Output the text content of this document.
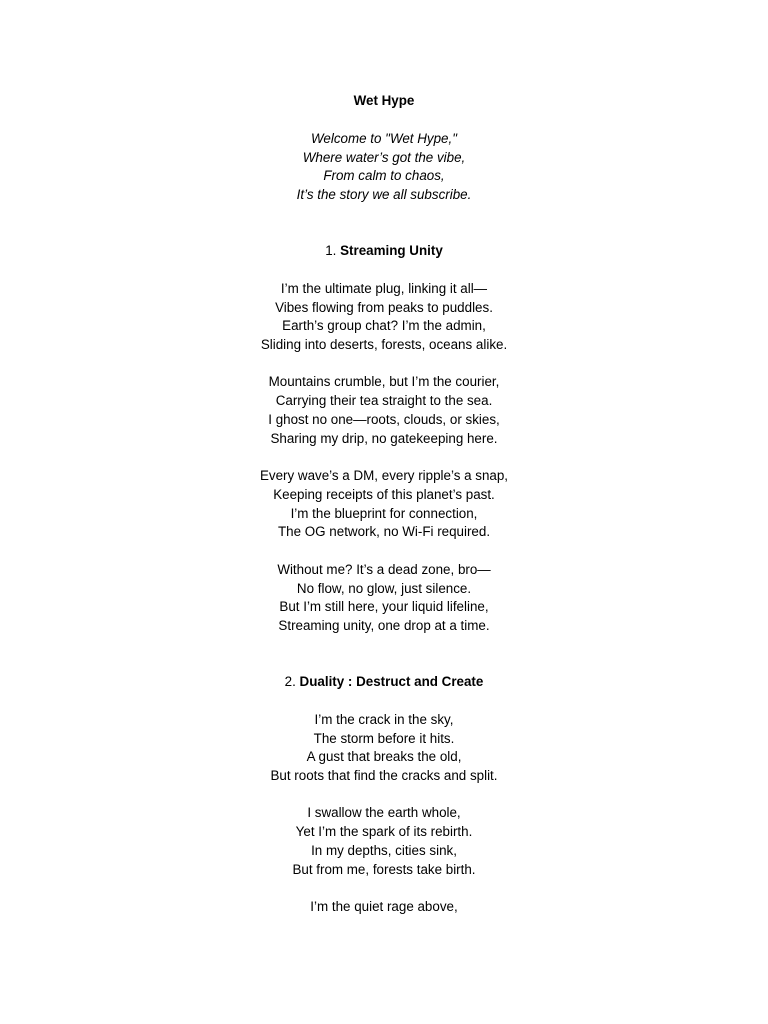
Wet Hype
Welcome to "Wet Hype,"
Where water’s got the vibe,
From calm to chaos,
It’s the story we all subscribe.
1. Streaming Unity
I’m the ultimate plug, linking it all—
Vibes flowing from peaks to puddles.
Earth’s group chat? I’m the admin,
Sliding into deserts, forests, oceans alike.
Mountains crumble, but I’m the courier,
Carrying their tea straight to the sea.
I ghost no one—roots, clouds, or skies,
Sharing my drip, no gatekeeping here.
Every wave’s a DM, every ripple’s a snap,
Keeping receipts of this planet’s past.
I’m the blueprint for connection,
The OG network, no Wi-Fi required.
Without me? It’s a dead zone, bro—
No flow, no glow, just silence.
But I’m still here, your liquid lifeline,
Streaming unity, one drop at a time.
2. Duality : Destruct and Create
I’m the crack in the sky,
The storm before it hits.
A gust that breaks the old,
But roots that find the cracks and split.
I swallow the earth whole,
Yet I’m the spark of its rebirth.
In my depths, cities sink,
But from me, forests take birth.
I’m the quiet rage above,
